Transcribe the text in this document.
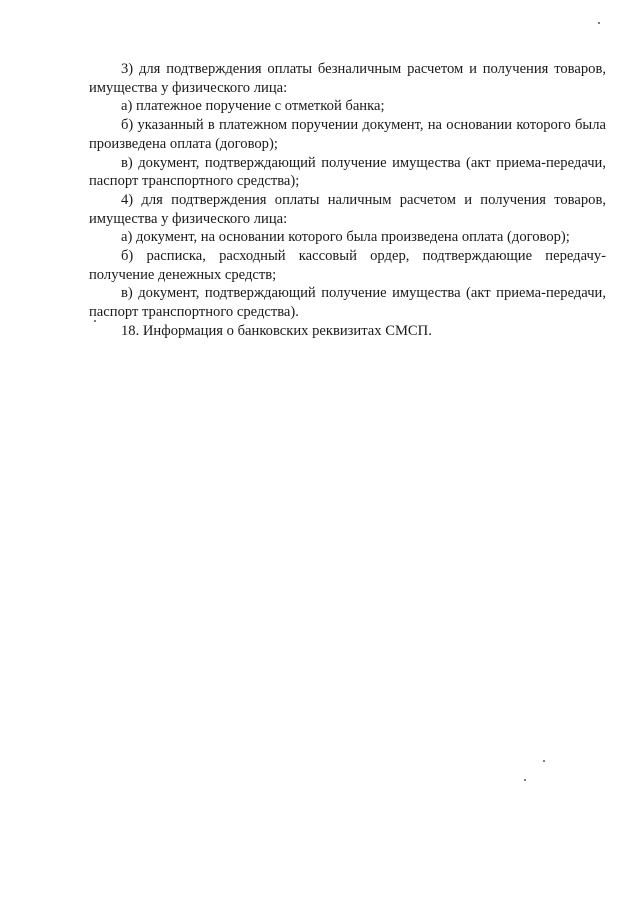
3) для подтверждения оплаты безналичным расчетом и получения товаров, имущества у физического лица:

а) платежное поручение с отметкой банка;

б) указанный в платежном поручении документ, на основании которого была произведена оплата (договор);

в) документ, подтверждающий получение имущества (акт приема-передачи, паспорт транспортного средства);

4) для подтверждения оплаты наличным расчетом и получения товаров, имущества у физического лица:

а) документ, на основании которого была произведена оплата (договор);

б) расписка, расходный кассовый ордер, подтверждающие передачу-получение денежных средств;

в) документ, подтверждающий получение имущества (акт приема-передачи, паспорт транспортного средства).

18. Информация о банковских реквизитах СМСП.
